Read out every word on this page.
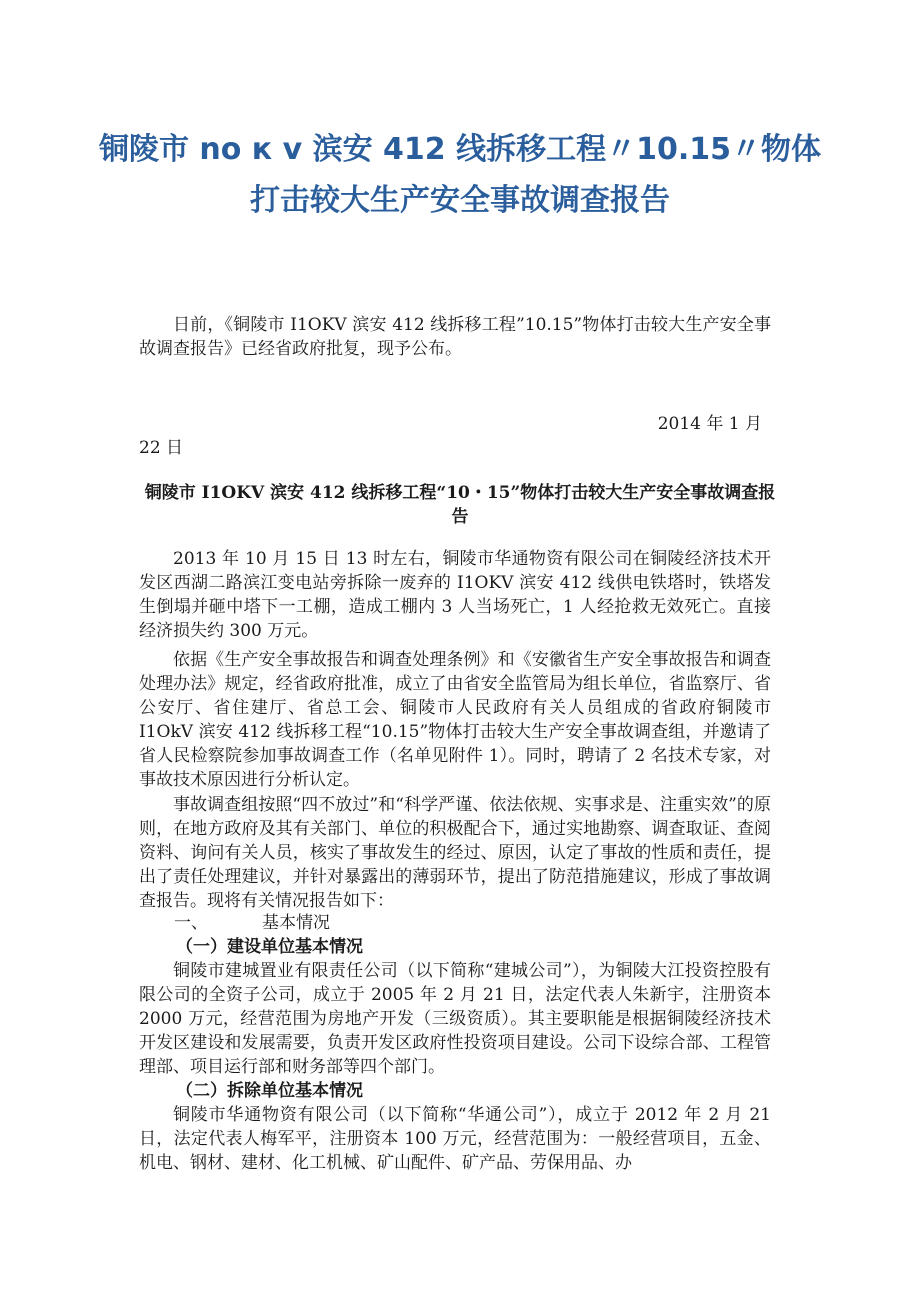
铜陵市 no к v 滨安 412 线拆移工程〃10.15〃物体
打击较大生产安全事故调查报告
日前，《铜陵市 I1OKV 滨安 412 线拆移工程”10.15”物体打击较大生产安全事故调查报告》已经省政府批复，现予公布。
2014 年 1 月
22 日
铜陵市 I1OKV 滨安 412 线拆移工程“10・15”物体打击较大生产安全事故调查报告
2013 年 10 月 15 日 13 时左右，铜陵市华通物资有限公司在铜陵经济技术开发区西湖二路滨江变电站旁拆除一废弃的 I1OKV 滨安 412 线供电铁塔时，铁塔发生倒塌并砸中塔下一工棚，造成工棚内 3 人当场死亡，1 人经抢救无效死亡。直接经济损失约 300 万元。
依据《生产安全事故报告和调查处理条例》和《安徽省生产安全事故报告和调查处理办法》规定，经省政府批准，成立了由省安全监管局为组长单位，省监察厅、省公安厅、省住建厅、省总工会、铜陵市人民政府有关人员组成的省政府铜陵市 I1OkV 滨安 412 线拆移工程“10.15”物体打击较大生产安全事故调查组，并邀请了省人民检察院参加事故调查工作（名单见附件 1）。同时，聘请了 2 名技术专家，对事故技术原因进行分析认定。
事故调查组按照“四不放过”和“科学严谨、依法依规、实事求是、注重实效”的原则，在地方政府及其有关部门、单位的积极配合下，通过实地勘察、调查取证、查阅资料、询问有关人员，核实了事故发生的经过、原因，认定了事故的性质和责任，提出了责任处理建议，并针对暴露出的薄弱环节，提出了防范措施建议，形成了事故调查报告。现将有关情况报告如下：
一、	基本情况
（一）建设单位基本情况
铜陵市建城置业有限责任公司（以下简称“建城公司”），为铜陵大江投资控股有限公司的全资子公司，成立于 2005 年 2 月 21 日，法定代表人朱新宇，注册资本 2000 万元，经营范围为房地产开发（三级资质）。其主要职能是根据铜陵经济技术开发区建设和发展需要，负责开发区政府性投资项目建设。公司下设综合部、工程管理部、项目运行部和财务部等四个部门。
（二）拆除单位基本情况
铜陵市华通物资有限公司（以下简称“华通公司”），成立于 2012 年 2 月 21 日，法定代表人梅军平，注册资本 100 万元，经营范围为：一般经营项目，五金、机电、钢材、建材、化工机械、矿山配件、矿产品、劳保用品、办
